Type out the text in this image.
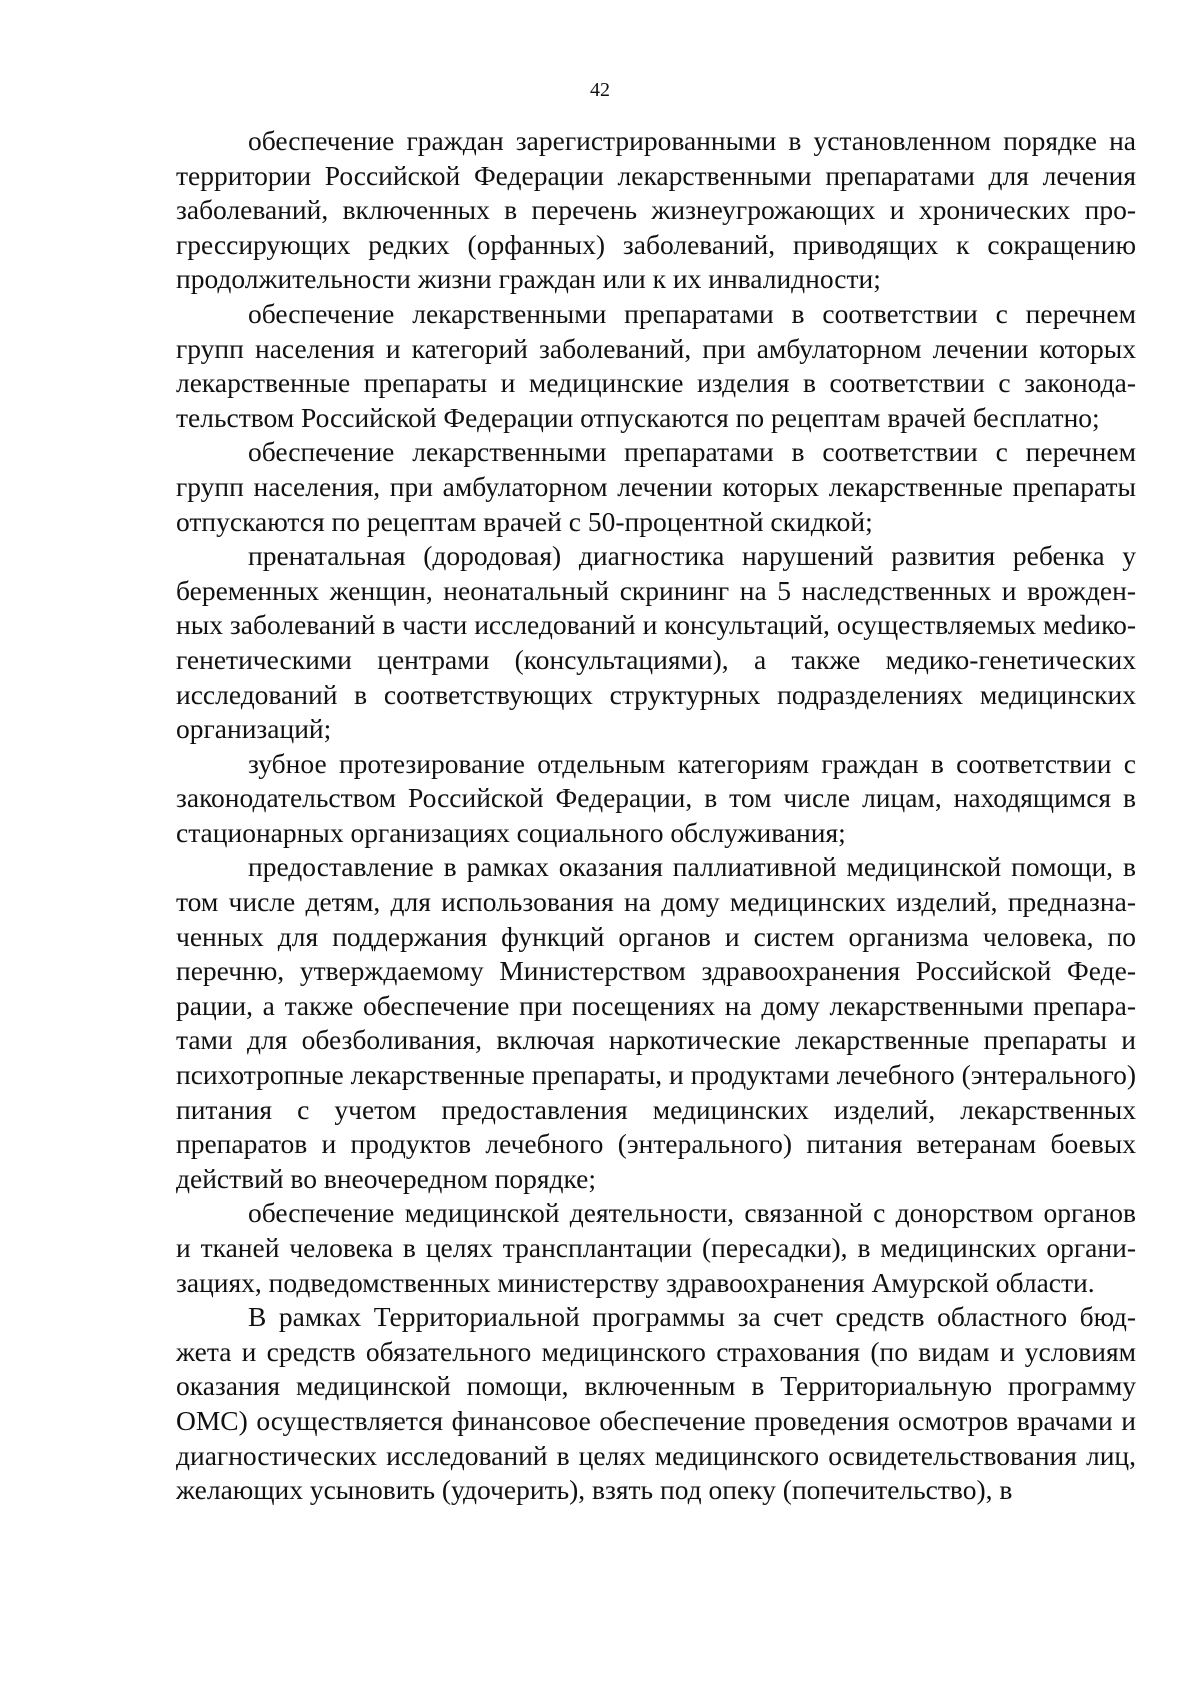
42

обеспечение граждан зарегистрированными в установленном порядке на территории Российской Федерации лекарственными препаратами для лечения заболеваний, включенных в перечень жизнеугрожающих и хронических прогрессирующих редких (орфанных) заболеваний, приводящих к сокращению продолжительности жизни граждан или к их инвалидности;

обеспечение лекарственными препаратами в соответствии с перечнем групп населения и категорий заболеваний, при амбулаторном лечении которых лекарственные препараты и медицинские изделия в соответствии с законодательством Российской Федерации отпускаются по рецептам врачей бесплатно;

обеспечение лекарственными препаратами в соответствии с перечнем групп населения, при амбулаторном лечении которых лекарственные препараты отпускаются по рецептам врачей с 50-процентной скидкой;

пренатальная (дородовая) диагностика нарушений развития ребенка у беременных женщин, неонатальный скрининг на 5 наследственных и врожденных заболеваний в части исследований и консультаций, осуществляемых меdико-генетическими центрами (консультациями), а также медико-генетических исследований в соответствующих структурных подразделениях медицинских организаций;

зубное протезирование отдельным категориям граждан в соответствии с законодательством Российской Федерации, в том числе лицам, находящимся в стационарных организациях социального обслуживания;

предоставление в рамках оказания паллиативной медицинской помощи, в том числе детям, для использования на дому медицинских изделий, предназначенных для поддержания функций органов и систем организма человека, по перечню, утверждаемому Министерством здравоохранения Российской Федерации, а также обеспечение при посещениях на дому лекарственными препаратами для обезболивания, включая наркотические лекарственные препараты и психотропные лекарственные препараты, и продуктами лечебного (энтерального) питания с учетом предоставления медицинских изделий, лекарственных препаратов и продуктов лечебного (энтерального) питания ветеранам боевых действий во внеочередном порядке;

обеспечение медицинской деятельности, связанной с донорством органов и тканей человека в целях трансплантации (пересадки), в медицинских организациях, подведомственных министерству здравоохранения Амурской области.

В рамках Территориальной программы за счет средств областного бюджета и средств обязательного медицинского страхования (по видам и условиям оказания медицинской помощи, включенным в Территориальную программу ОМС) осуществляется финансовое обеспечение проведения осмотров врачами и диагностических исследований в целях медицинского освидетельствования лиц, желающих усыновить (удочерить), взять под опеку (попечительство), в
